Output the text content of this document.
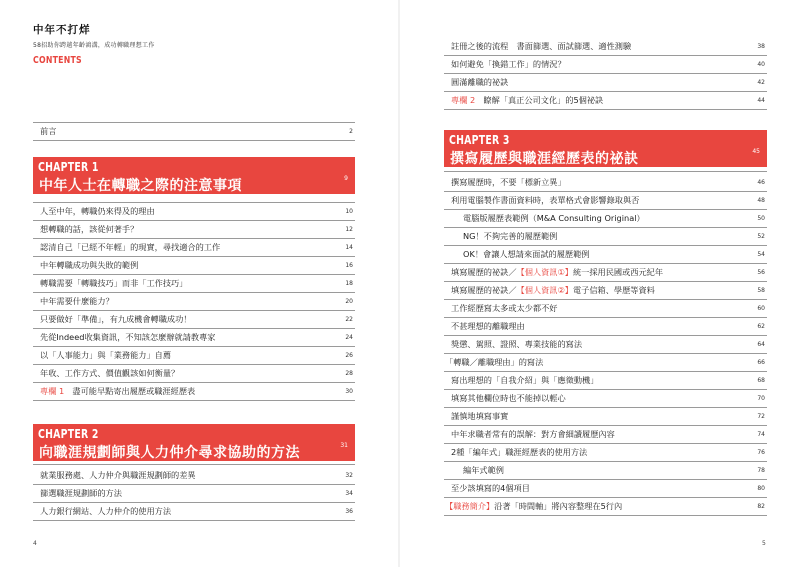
中年不打烊
58招助你跨越年齡鴻溝，成功轉職理想工作
CONTENTS
前言	2
CHAPTER 1
中年人士在轉職之際的注意事項	9
人至中年，轉職仍來得及的理由	10
想轉職的話，該從何著手？	12
認清自己「已經不年輕」的現實，尋找適合的工作	14
中年轉職成功與失敗的範例	16
轉職需要「轉職技巧」而非「工作技巧」	18
中年需要什麼能力？	20
只要做好「準備」，有九成機會轉職成功！	22
先從Indeed收集資訊，不知該怎麼辦就請教專家	24
以「人事能力」與「業務能力」自薦	26
年收、工作方式、價值觀該如何衡量？	28
專欄 1　 盡可能早點寄出履歷或職涯經歷表	30
CHAPTER 2
向職涯規劃師與人力仲介尋求協助的方法	31
就業服務處、人力仲介與職涯規劃師的差異	32
篩選職涯規劃師的方法	34
人力銀行網站、人力仲介的使用方法	36
4
註冊之後的流程　書面篩選、面試篩選、適性測驗	38
如何避免「換錯工作」的情況？	40
圓滿離職的祕訣	42
專欄 2　 瞭解「真正公司文化」的5個祕訣	44
CHAPTER 3
撰寫履歷與職涯經歷表的祕訣	45
撰寫履歷時，不要「標新立異」	46
利用電腦製作書面資料時，表單格式會影響錄取與否	48
電腦版履歷表範例（M&A Consulting Original）	50
NG！不夠完善的履歷範例	52
OK！會讓人想請來面試的履歷範例	54
填寫履歷的祕訣／【個人資訊①】統一採用民國或西元紀年	56
填寫履歷的祕訣／【個人資訊②】電子信箱、學歷等資料	58
工作經歷寫太多或太少都不好	60
不甚理想的離職理由	62
獎懲、駕照、證照、專業技能的寫法	64
「轉職／離職理由」的寫法	66
寫出理想的「自我介紹」與「應徵動機」	68
填寫其他欄位時也不能掉以輕心	70
謹慎地填寫事實	72
中年求職者常有的誤解：對方會細讀履歷內容	74
2種「編年式」職涯經歷表的使用方法	76
編年式範例	78
至少該填寫的4個項目	80
【職務簡介】沿著「時間軸」將內容整理在5行內	82
5
